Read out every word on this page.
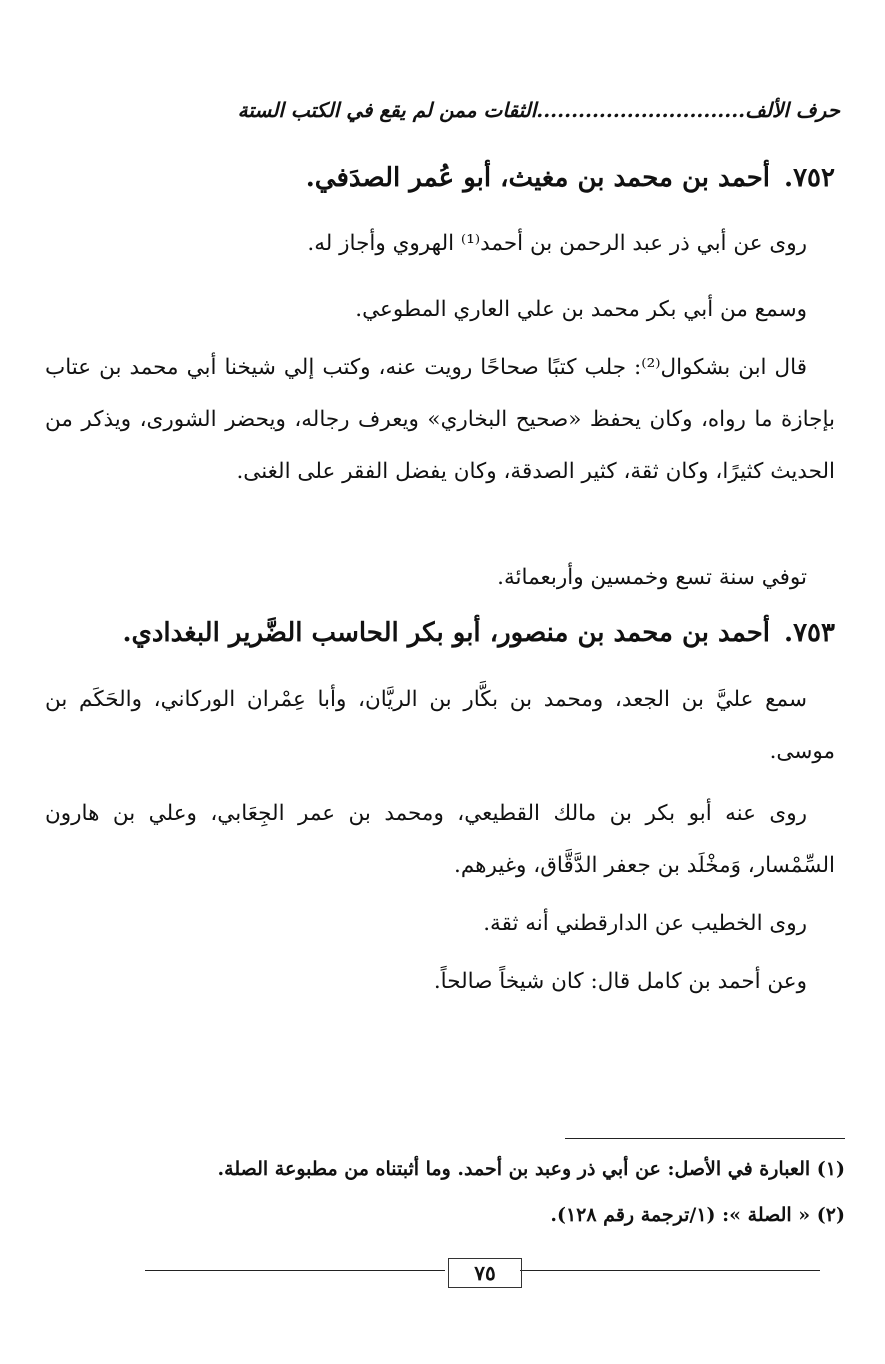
حرف الألف..............................الثقات ممن لم يقع في الكتب الستة
٧٥٢.أحمد بن محمد بن مغيث، أبو عُمر الصدَفي.
روى عن أبي ذر عبد الرحمن بن أحمد⁽¹⁾ الهروي وأجاز له.
وسمع من أبي بكر محمد بن علي العاري المطوعي.
قال ابن بشكوال⁽²⁾: جلب كتبًا صحاحًا رويت عنه، وكتب إلي شيخنا أبي محمد بن عتاب بإجازة ما رواه، وكان يحفظ «صحيح البخاري» ويعرف رجاله، ويحضر الشورى، ويذكر من الحديث كثيرًا، وكان ثقة، كثير الصدقة، وكان يفضل الفقر على الغنى.
توفي سنة تسع وخمسين وأربعمائة.
٧٥٣.أحمد بن محمد بن منصور، أبو بكر الحاسب الضَّرير البغدادي.
سمع عليَّ بن الجعد، ومحمد بن بكَّار بن الريَّان، وأبا عِمْران الوركاني، والحَكَم بن موسى.
روى عنه أبو بكر بن مالك القطيعي، ومحمد بن عمر الجِعَابي، وعلي بن هارون السِّمْسار، وَمخْلَد بن جعفر الدَّقَّاق، وغيرهم.
روى الخطيب عن الدارقطني أنه ثقة.
وعن أحمد بن كامل قال: كان شيخاً صالحاً.
(١) العبارة في الأصل: عن أبي ذر وعبد بن أحمد. وما أثبتناه من مطبوعة الصلة.
(٢) « الصلة »: (١/ترجمة رقم ١٢٨).
٧٥
